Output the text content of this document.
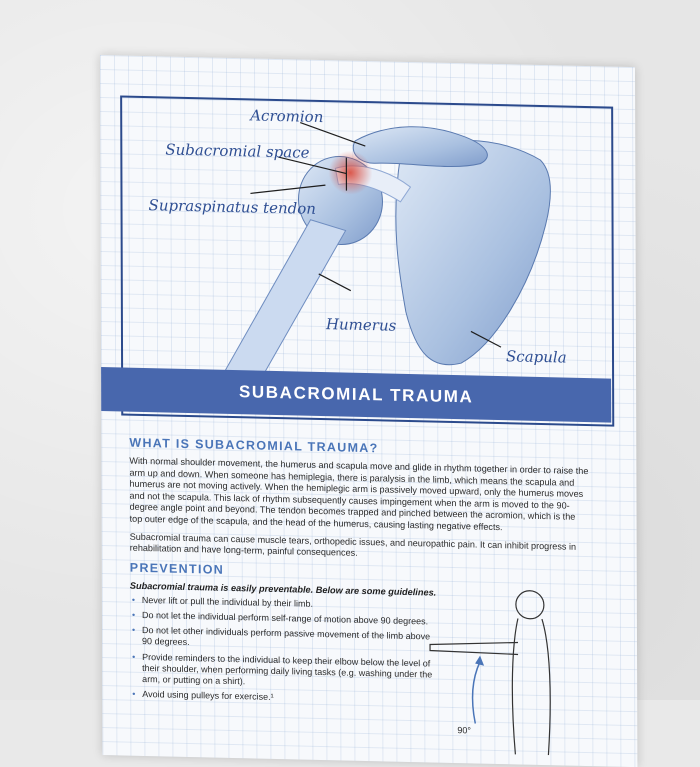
Acromion
Subacromial space
Supraspinatus tendon
Humerus
Scapula
SUBACROMIAL TRAUMA
WHAT IS SUBACROMIAL TRAUMA?

With normal shoulder movement, the humerus and scapula move and glide in rhythm together in order to raise the arm up and down. When someone has hemiplegia, there is paralysis in the limb, which means the scapula and humerus are not moving actively. When the hemiplegic arm is passively moved upward, only the humerus moves and not the scapula. This lack of rhythm subsequently causes impingement when the arm is moved to the 90-degree angle point and beyond. The tendon becomes trapped and pinched between the acromion, which is the top outer edge of the scapula, and the head of the humerus, causing lasting negative effects.

Subacromial trauma can cause muscle tears, orthopedic issues, and neuropathic pain. It can inhibit progress in rehabilitation and have long-term, painful consequences.

PREVENTION
Subacromial trauma is easily preventable. Below are some guidelines.
• Never lift or pull the individual by their limb.
• Do not let the individual perform self-range of motion above 90 degrees.
• Do not let other individuals perform passive movement of the limb above 90 degrees.
• Provide reminders to the individual to keep their elbow below the level of their shoulder, when performing daily living tasks (e.g. washing under the arm, or putting on a shirt).
• Avoid using pulleys for exercise.¹
90°
